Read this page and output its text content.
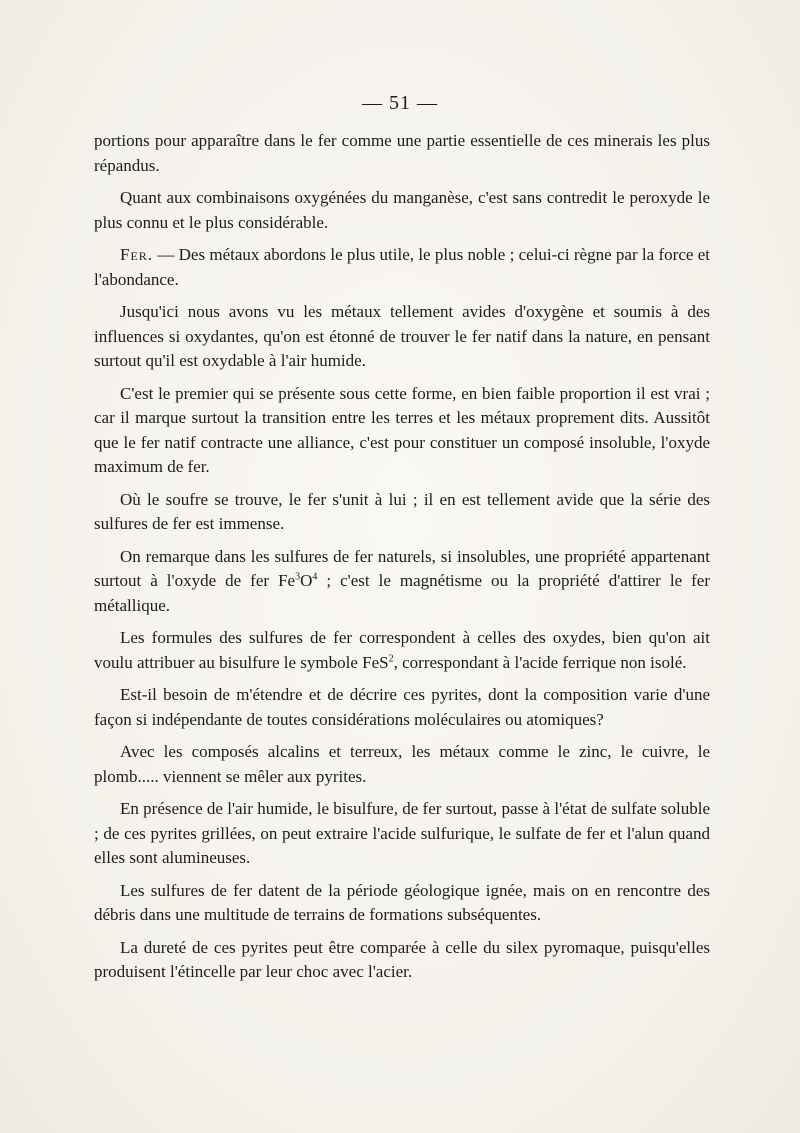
— 51 —

portions pour apparaître dans le fer comme une partie essentielle de ces minerais les plus répandus.

Quant aux combinaisons oxygénées du manganèse, c'est sans contredit le peroxyde le plus connu et le plus considérable.

Fer. — Des métaux abordons le plus utile, le plus noble ; celui-ci règne par la force et l'abondance.

Jusqu'ici nous avons vu les métaux tellement avides d'oxygène et soumis à des influences si oxydantes, qu'on est étonné de trouver le fer natif dans la nature, en pensant surtout qu'il est oxydable à l'air humide.

C'est le premier qui se présente sous cette forme, en bien faible proportion il est vrai ; car il marque surtout la transition entre les terres et les métaux proprement dits. Aussitôt que le fer natif contracte une alliance, c'est pour constituer un composé insoluble, l'oxyde maximum de fer.

Où le soufre se trouve, le fer s'unit à lui ; il en est tellement avide que la série des sulfures de fer est immense.

On remarque dans les sulfures de fer naturels, si insolubles, une propriété appartenant surtout à l'oxyde de fer $Fe^3O^4$ ; c'est le magnétisme ou la propriété d'attirer le fer métallique.

Les formules des sulfures de fer correspondent à celles des oxydes, bien qu'on ait voulu attribuer au bisulfure le symbole FeS$^2$, correspondant à l'acide ferrique non isolé.

Est-il besoin de m'étendre et de décrire ces pyrites, dont la composition varie d'une façon si indépendante de toutes considérations moléculaires ou atomiques?

Avec les composés alcalins et terreux, les métaux comme le zinc, le cuivre, le plomb..... viennent se mêler aux pyrites.

En présence de l'air humide, le bisulfure, de fer surtout, passe à l'état de sulfate soluble ; de ces pyrites grillées, on peut extraire l'acide sulfurique, le sulfate de fer et l'alun quand elles sont alumineuses.

Les sulfures de fer datent de la période géologique ignée, mais on en rencontre des débris dans une multitude de terrains de formations subséquentes.

La dureté de ces pyrites peut être comparée à celle du silex pyromaque, puisqu'elles produisent l'étincelle par leur choc avec l'acier.
